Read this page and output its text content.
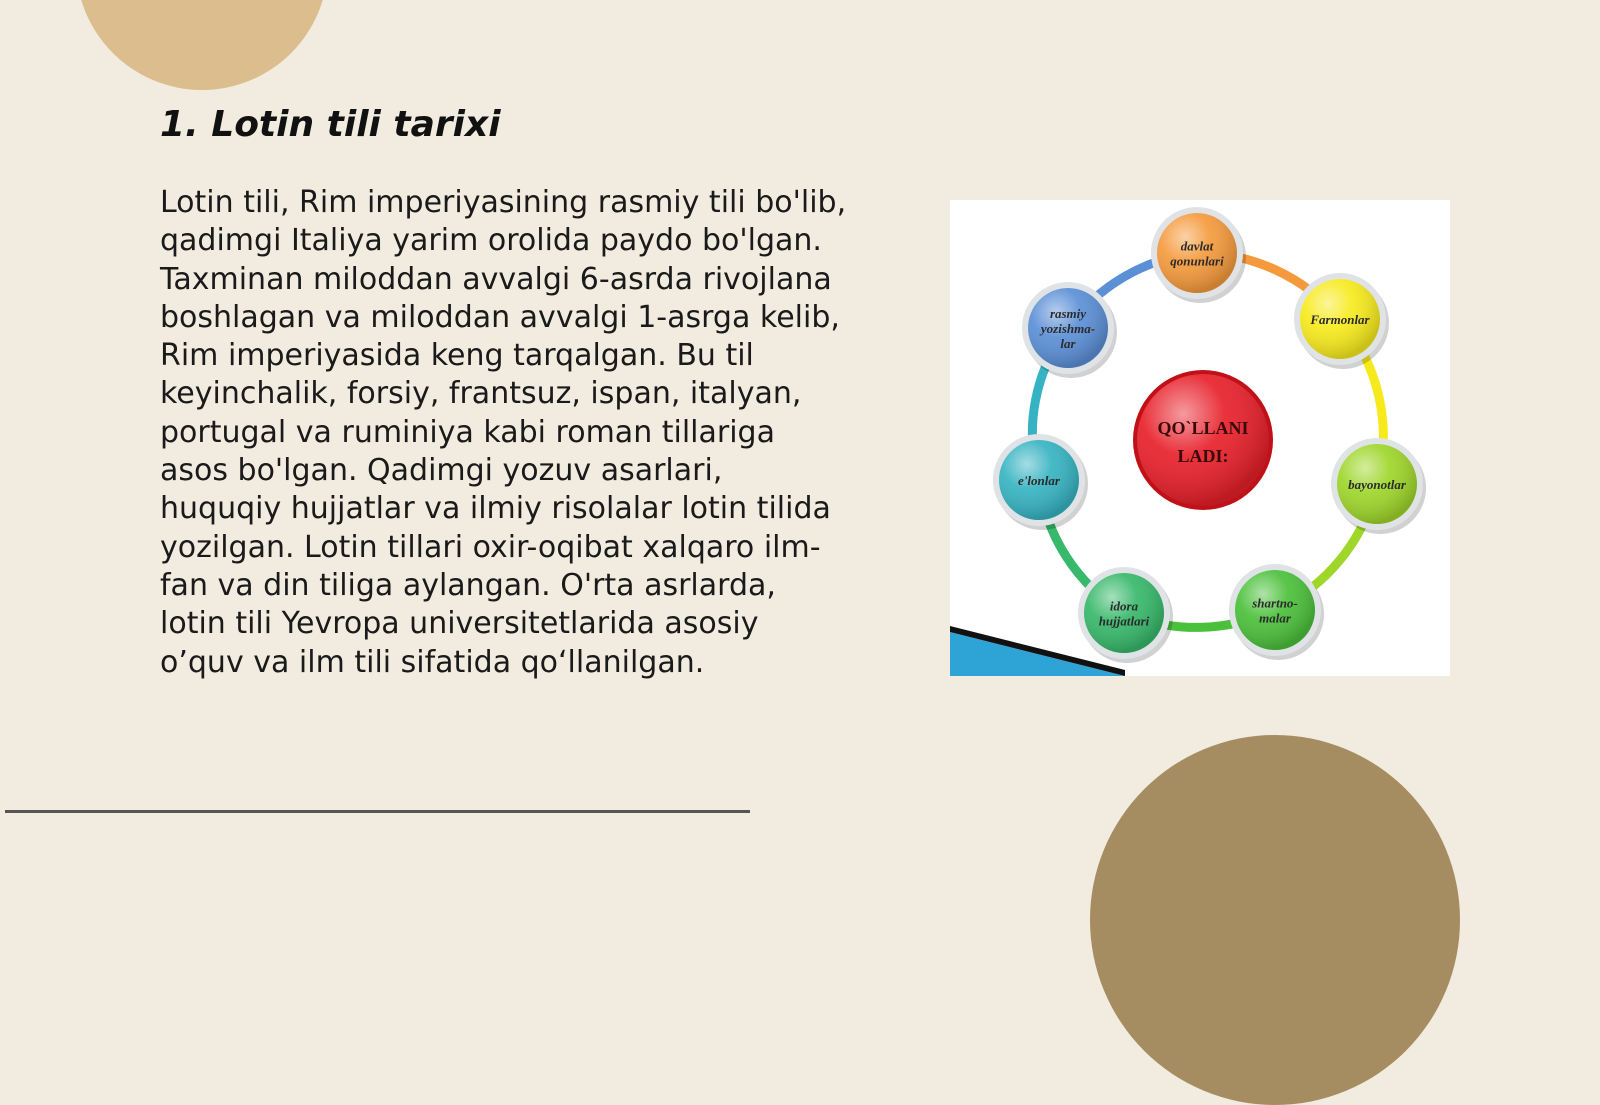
1. Lotin tili tarixi

Lotin tili, Rim imperiyasining rasmiy tili bo'lib,
qadimgi Italiya yarim orolida paydo bo'lgan.
Taxminan miloddan avvalgi 6-asrda rivojlana
boshlagan va miloddan avvalgi 1-asrga kelib,
Rim imperiyasida keng tarqalgan. Bu til
keyinchalik, forsiy, frantsuz, ispan, italyan,
portugal va ruminiya kabi roman tillariga
asos bo'lgan. Qadimgi yozuv asarlari,
huquqiy hujjatlar va ilmiy risolalar lotin tilida
yozilgan. Lotin tillari oxir-oqibat xalqaro ilm-
fan va din tiligа aylangan. O'rta asrlarda,
lotin tili Yevropa universitetlarida asosiy
o’quv va ilm tili sifatida qo‘llanilgan.

davlat
qonunlari
Farmonlar
bayonotlar
shartno-
malar
idora
hujjatlari
e'lonlar
rasmiy
yozishma-
lar
QO`LLANI
LADI:
